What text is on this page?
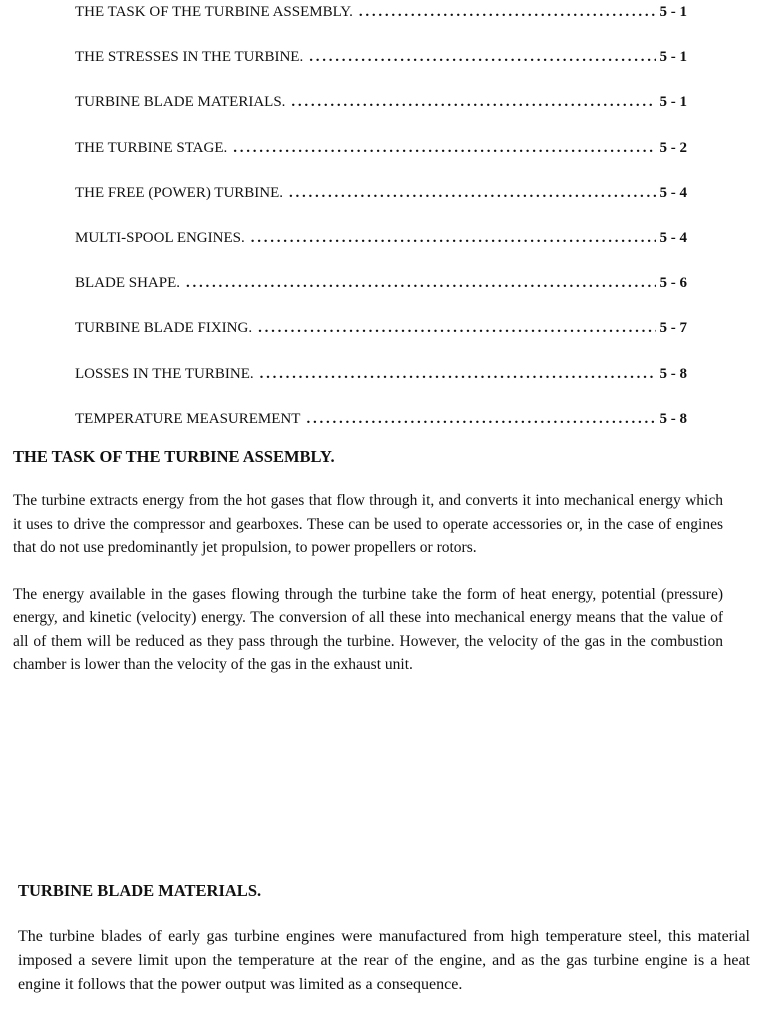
THE TASK OF THE TURBINE ASSEMBLY. . . .	5 - 1
THE STRESSES IN THE TURBINE. . . .	5 - 1
TURBINE BLADE MATERIALS. . . .	5 - 1
THE TURBINE STAGE. . . .	5 - 2
THE FREE (POWER) TURBINE. . . .	5 - 4
MULTI-SPOOL ENGINES. . . .	5 - 4
BLADE SHAPE. . . .	5 - 6
TURBINE BLADE FIXING. . . .	5 - 7
LOSSES IN THE TURBINE. . . .	5 - 8
TEMPERATURE MEASUREMENT . . .	5 - 8
THE TASK OF THE TURBINE ASSEMBLY.

The turbine extracts energy from the hot gases that flow through it, and converts it into mechanical energy which it uses to drive the compressor and gearboxes. These can be used to operate accessories or, in the case of engines that do not use predominantly jet propulsion, to power propellers or rotors.

The energy available in the gases flowing through the turbine take the form of heat energy, potential (pressure) energy, and kinetic (velocity) energy. The conversion of all these into mechanical energy means that the value of all of them will be reduced as they pass through the turbine. However, the velocity of the gas in the combustion chamber is lower than the velocity of the gas in the exhaust unit.

TURBINE BLADE MATERIALS.

The turbine blades of early gas turbine engines were manufactured from high temperature steel, this material imposed a severe limit upon the temperature at the rear of the engine, and as the gas turbine engine is a heat engine it follows that the power output was limited as a consequence.
